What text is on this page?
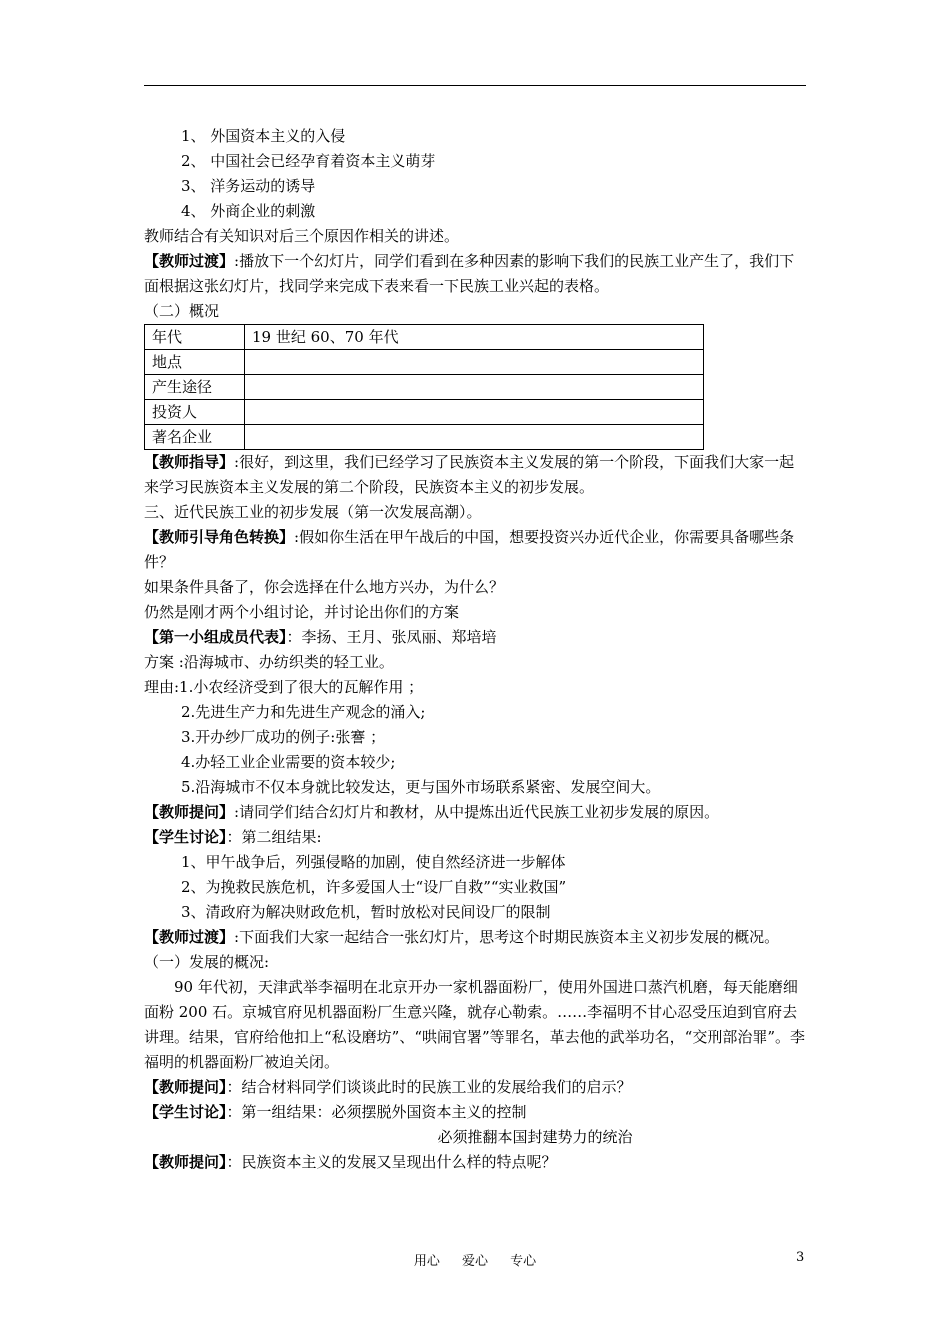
1、 外国资本主义的入侵

2、 中国社会已经孕育着资本主义萌芽

3、 洋务运动的诱导

4、 外商企业的刺激

教师结合有关知识对后三个原因作相关的讲述。

【教师过渡】:播放下一个幻灯片，同学们看到在多种因素的影响下我们的民族工业产生了，我们下面根据这张幻灯片，找同学来完成下表来看一下民族工业兴起的表格。

（二）概况

年代	19 世纪 60、70 年代
地点	
产生途径	
投资人	
著名企业	

【教师指导】:很好，到这里，我们已经学习了民族资本主义发展的第一个阶段，下面我们大家一起来学习民族资本主义发展的第二个阶段，民族资本主义的初步发展。

三、近代民族工业的初步发展（第一次发展高潮）。

【教师引导角色转换】:假如你生活在甲午战后的中国，想要投资兴办近代企业，你需要具备哪些条件？

如果条件具备了，你会选择在什么地方兴办，为什么？

仍然是刚才两个小组讨论，并讨论出你们的方案

【第一小组成员代表】：李扬、王月、张凤丽、郑培培

方案 :沿海城市、办纺织类的轻工业。

理由:1.小农经济受到了很大的瓦解作用 ；

2.先进生产力和先进生产观念的涌入;

3.开办纱厂成功的例子:张謇 ；

4.办轻工业企业需要的资本较少;

5.沿海城市不仅本身就比较发达，更与国外市场联系紧密、发展空间大。

【教师提问】:请同学们结合幻灯片和教材，从中提炼出近代民族工业初步发展的原因。

【学生讨论】：第二组结果:

1、甲午战争后，列强侵略的加剧，使自然经济进一步解体

2、为挽救民族危机，许多爱国人士“设厂自救”“实业救国”

3、清政府为解决财政危机，暂时放松对民间设厂的限制

【教师过渡】:下面我们大家一起结合一张幻灯片，思考这个时期民族资本主义初步发展的概况。

（一）发展的概况:

90 年代初，天津武举李福明在北京开办一家机器面粉厂，使用外国进口蒸汽机磨，每天能磨细面粉 200 石。京城官府见机器面粉厂生意兴隆，就存心勒索。……李福明不甘心忍受压迫到官府去讲理。结果，官府给他扣上“私设磨坊”、“哄闹官署”等罪名，革去他的武举功名，“交刑部治罪”。李福明的机器面粉厂被迫关闭。

【教师提问】：结合材料同学们谈谈此时的民族工业的发展给我们的启示？

【学生讨论】：第一组结果：必须摆脱外国资本主义的控制

必须推翻本国封建势力的统治

【教师提问】：民族资本主义的发展又呈现出什么样的特点呢？

用心 爱心 专心	3
